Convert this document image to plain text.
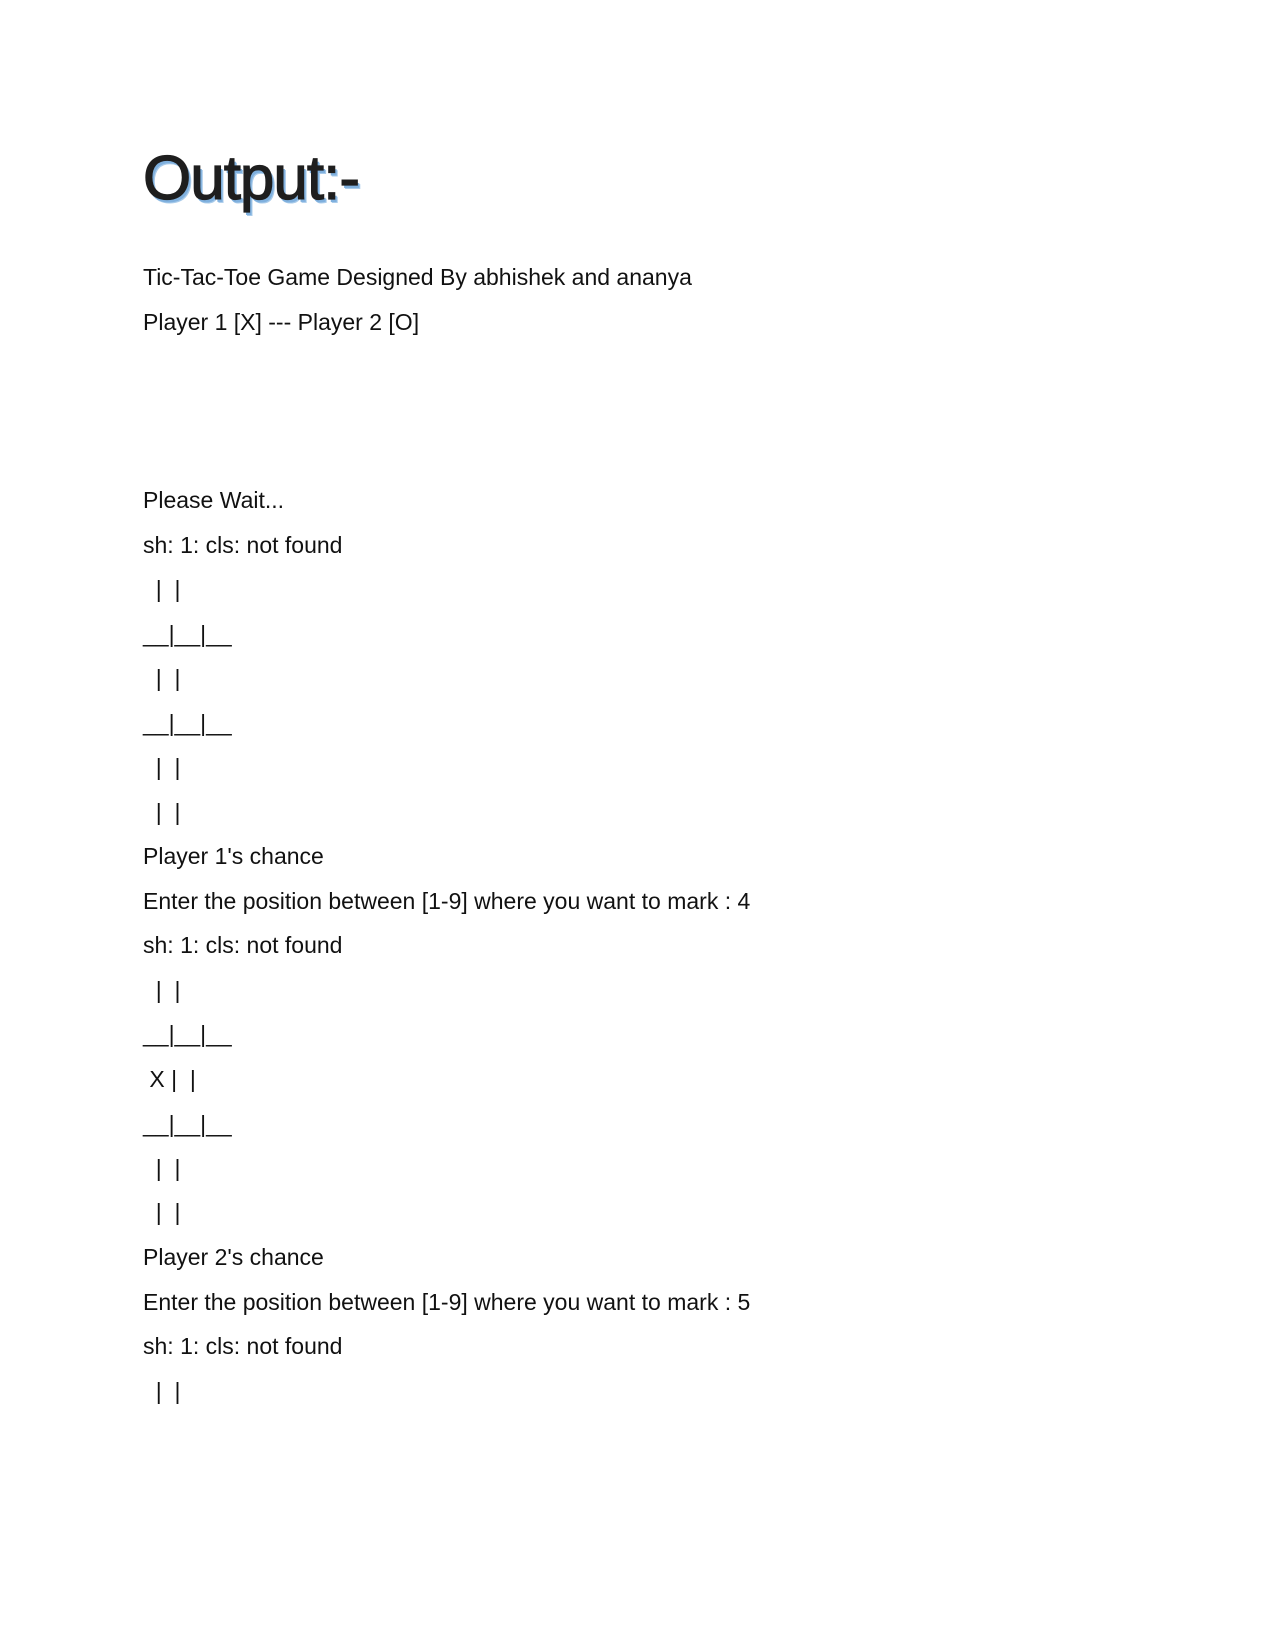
Output:-

Tic-Tac-Toe Game Designed By abhishek and ananya

Player 1 [X] --- Player 2 [O]

Please Wait...

sh: 1: cls: not found

|  |

__|__|__

|  |

__|__|__

|  |

|  |

Player 1's chance

Enter the position between [1-9] where you want to mark : 4

sh: 1: cls: not found

|  |

__|__|__

X |  |

__|__|__

|  |

|  |

Player 2's chance

Enter the position between [1-9] where you want to mark : 5

sh: 1: cls: not found

|  |
